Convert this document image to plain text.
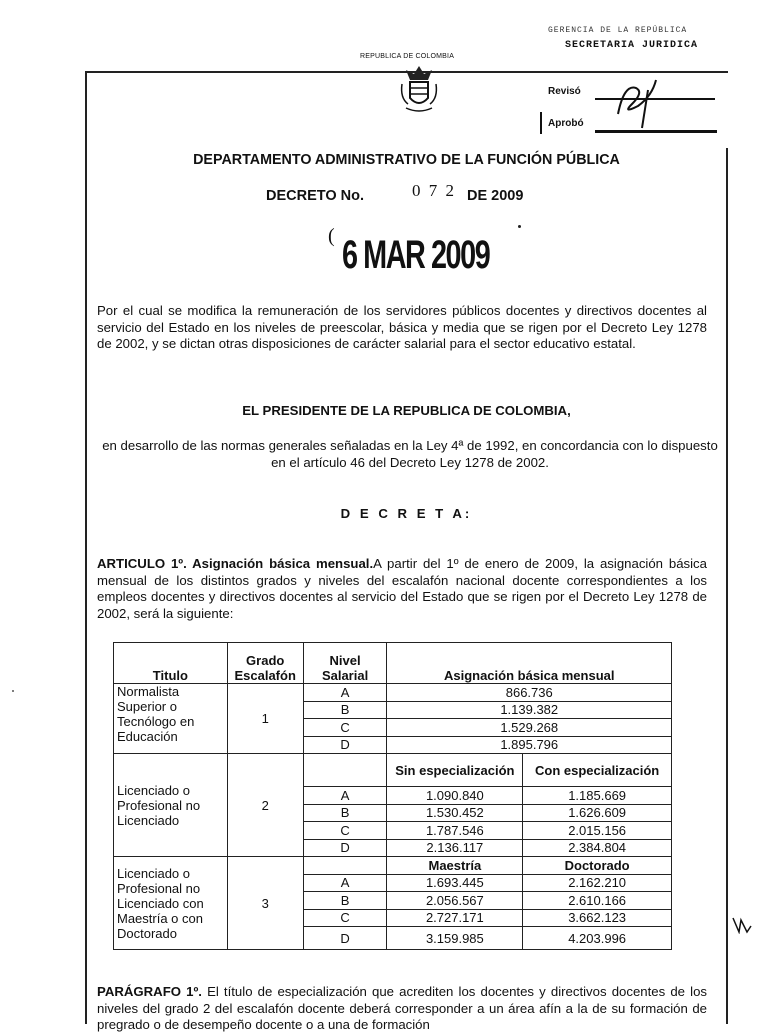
REPUBLICA DE COLOMBIA
GERENCIA DE LA REPÚBLICA
SECRETARIA JURIDICA
Revisó
Aprobó
DEPARTAMENTO ADMINISTRATIVO DE LA FUNCIÓN PÚBLICA
DECRETO No.	0 7 2 DE 2009
( 6 MAR 2009
Por el cual se modifica la remuneración de los servidores públicos docentes y directivos docentes al servicio del Estado en los niveles de preescolar, básica y media que se rigen por el Decreto Ley 1278 de 2002, y se dictan otras disposiciones de carácter salarial para el sector educativo estatal.
EL PRESIDENTE DE LA REPUBLICA DE COLOMBIA,
en desarrollo de las normas generales señaladas en la Ley 4ª de 1992, en concordancia con lo dispuesto en el artículo 46 del Decreto Ley 1278 de 2002.
D E C R E T A:
ARTICULO 1º. Asignación básica mensual.A partir del 1º de enero de 2009, la asignación básica mensual de los distintos grados y niveles del escalafón nacional docente correspondientes a los empleos docentes y directivos docentes al servicio del Estado que se rigen por el Decreto Ley 1278 de 2002, será la siguiente:
Titulo	Grado Escalafón	Nivel Salarial	Asignación básica mensual	
Normalista Superior o Tecnólogo en Educación	1	A	866.736	
		B	1.139.382	
		C	1.529.268	
		D	1.895.796	
Licenciado o Profesional no Licenciado	2		Sin especialización	Con especialización
		A	1.090.840	1.185.669
		B	1.530.452	1.626.609
		C	1.787.546	2.015.156
		D	2.136.117	2.384.804
Licenciado o Profesional no Licenciado con Maestría o con Doctorado	3		Maestría	Doctorado
		A	1.693.445	2.162.210
		B	2.056.567	2.610.166
		C	2.727.171	3.662.123
		D	3.159.985	4.203.996
PARÁGRAFO 1º. El título de especialización que acrediten los docentes y directivos docentes de los niveles del grado 2 del escalafón docente deberá corresponder a un área afín a la de su formación de pregrado o de desempeño docente o a una de formación
